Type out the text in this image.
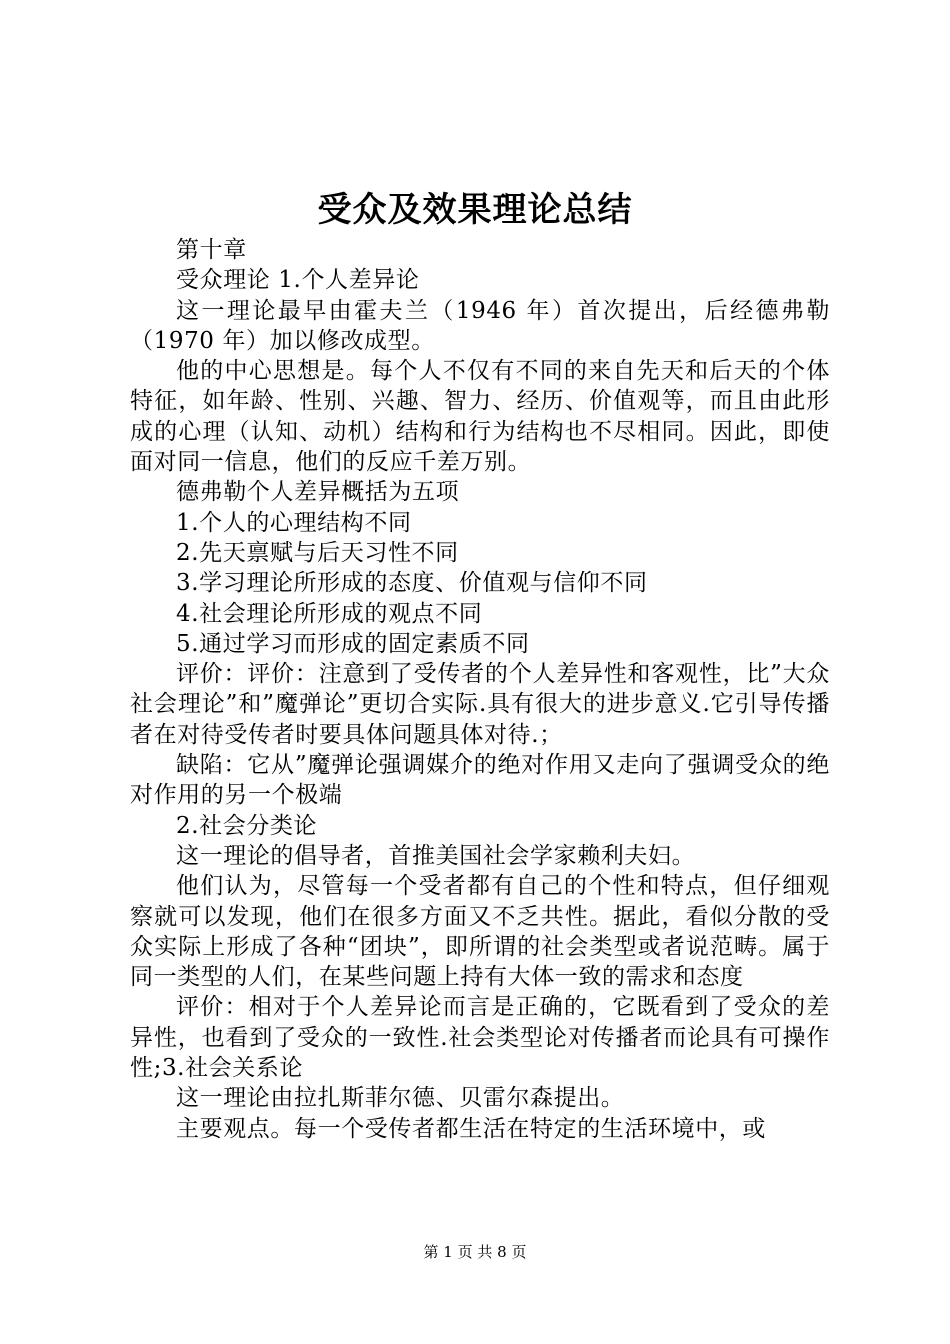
受众及效果理论总结

第十章

受众理论 1.个人差异论

这一理论最早由霍夫兰（1946 年）首次提出，后经德弗勒（1970 年）加以修改成型。

他的中心思想是。每个人不仅有不同的来自先天和后天的个体特征，如年龄、性别、兴趣、智力、经历、价值观等，而且由此形成的心理（认知、动机）结构和行为结构也不尽相同。因此，即使面对同一信息，他们的反应千差万别。

德弗勒个人差异概括为五项

1.个人的心理结构不同

2.先天禀赋与后天习性不同

3.学习理论所形成的态度、价值观与信仰不同

4.社会理论所形成的观点不同

5.通过学习而形成的固定素质不同

评价：评价：注意到了受传者的个人差异性和客观性，比”大众社会理论”和”魔弹论”更切合实际.具有很大的进步意义.它引导传播者在对待受传者时要具体问题具体对待.；

缺陷：它从”魔弹论强调媒介的绝对作用又走向了强调受众的绝对作用的另一个极端

2.社会分类论

这一理论的倡导者，首推美国社会学家赖利夫妇。

他们认为，尽管每一个受者都有自己的个性和特点，但仔细观察就可以发现，他们在很多方面又不乏共性。据此，看似分散的受众实际上形成了各种“团块”，即所谓的社会类型或者说范畴。属于同一类型的人们，在某些问题上持有大体一致的需求和态度

评价：相对于个人差异论而言是正确的，它既看到了受众的差异性，也看到了受众的一致性.社会类型论对传播者而论具有可操作性;3.社会关系论

这一理论由拉扎斯菲尔德、贝雷尔森提出。

主要观点。每一个受传者都生活在特定的生活环境中，或

第 1 页 共 8 页
